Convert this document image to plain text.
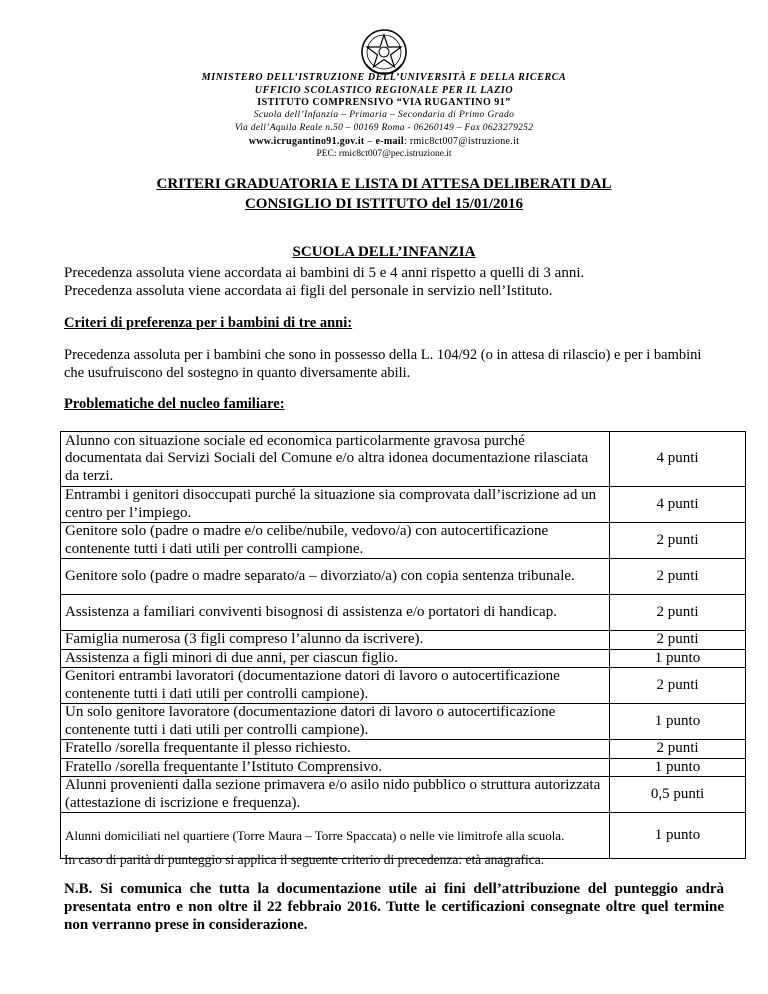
MINISTERO DELL’ISTRUZIONE DELL’UNIVERSITÀ E DELLA RICERCA
UFFICIO SCOLASTICO REGIONALE PER IL LAZIO
ISTITUTO COMPRENSIVO “VIA RUGANTINO 91”
Scuola dell’Infanzia – Primaria – Secondaria di Primo Grado
Via dell’Aquila Reale n.50 – 00169 Roma - 06260149 – Fax 0623279252
www.icrugantino91.gov.it – e-mail: rmic8ct007@istruzione.it
PEC: rmic8ct007@pec.istruzione.it
CRITERI GRADUATORIA E LISTA DI ATTESA DELIBERATI DAL
CONSIGLIO DI ISTITUTO del 15/01/2016
SCUOLA DELL’INFANZIA
Precedenza assoluta viene accordata ai bambini di 5 e 4 anni rispetto a quelli di 3 anni.
Precedenza assoluta viene accordata ai figli del personale in servizio nell’Istituto.
Criteri di preferenza per i bambini di tre anni:
Precedenza assoluta per i bambini che sono in possesso della L. 104/92 (o in attesa di rilascio) e per i bambini che usufruiscono del sostegno in quanto diversamente abili.
Problematiche del nucleo familiare:
Alunno con situazione sociale ed economica particolarmente gravosa purché documentata dai Servizi Sociali del Comune e/o altra idonea documentazione rilasciata da terzi.	4 punti
Entrambi i genitori disoccupati purché la situazione sia comprovata dall’iscrizione ad un centro per l’impiego.	4 punti
Genitore solo (padre o madre e/o celibe/nubile, vedovo/a) con autocertificazione contenente tutti i dati utili per controlli campione.	2 punti
Genitore solo (padre o madre separato/a – divorziato/a) con copia sentenza tribunale.	2 punti
Assistenza a familiari conviventi bisognosi di assistenza e/o portatori di handicap.	2 punti
Famiglia numerosa (3 figli compreso l’alunno da iscrivere).	2 punti
Assistenza a figli minori di due anni, per ciascun figlio.	1 punto
Genitori entrambi lavoratori (documentazione datori di lavoro o autocertificazione contenente tutti i dati utili per controlli campione).	2 punti
Un solo genitore lavoratore (documentazione datori di lavoro o autocertificazione contenente tutti i dati utili per controlli campione).	1 punto
Fratello /sorella frequentante il plesso richiesto.	2 punti
Fratello /sorella frequentante l’Istituto Comprensivo.	1 punto
Alunni provenienti dalla sezione primavera e/o asilo nido pubblico o struttura autorizzata (attestazione di iscrizione e frequenza).	0,5 punti
Alunni domiciliati nel quartiere (Torre Maura – Torre Spaccata) o nelle vie limitrofe alla scuola.	1 punto
In caso di parità di punteggio si applica il seguente criterio di precedenza: età anagrafica.
N.B. Si comunica che tutta la documentazione utile ai fini dell’attribuzione del punteggio andrà presentata entro e non oltre il 22 febbraio 2016. Tutte le certificazioni consegnate oltre quel termine non verranno prese in considerazione.
